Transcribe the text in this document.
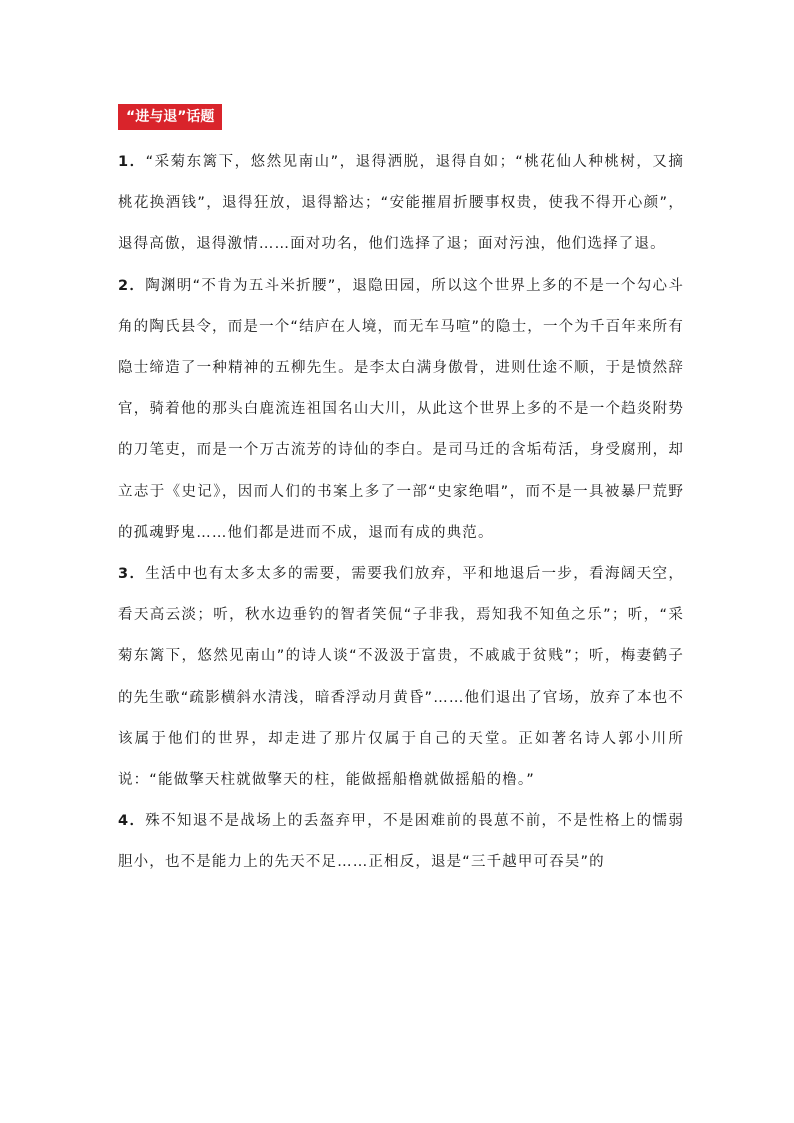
“进与退”话题

1．“采菊东篱下，悠然见南山”，退得洒脱，退得自如；“桃花仙人种桃树，又摘桃花换酒钱”，退得狂放，退得豁达；“安能摧眉折腰事权贵，使我不得开心颜”，退得高傲，退得激情……面对功名，他们选择了退；面对污浊，他们选择了退。

2．陶渊明“不肯为五斗米折腰”，退隐田园，所以这个世界上多的不是一个勾心斗角的陶氏县令，而是一个“结庐在人境，而无车马喧”的隐士，一个为千百年来所有隐士缔造了一种精神的五柳先生。是李太白满身傲骨，进则仕途不顺，于是愤然辞官，骑着他的那头白鹿流连祖国名山大川，从此这个世界上多的不是一个趋炎附势的刀笔吏，而是一个万古流芳的诗仙的李白。是司马迁的含垢苟活，身受腐刑，却立志于《史记》，因而人们的书案上多了一部“史家绝唱”，而不是一具被暴尸荒野的孤魂野鬼……他们都是进而不成，退而有成的典范。

3．生活中也有太多太多的需要，需要我们放弃，平和地退后一步，看海阔天空，看天高云淡；听，秋水边垂钓的智者笑侃“子非我，焉知我不知鱼之乐”；听，“采菊东篱下，悠然见南山”的诗人谈“不汲汲于富贵，不戚戚于贫贱”；听，梅妻鹤子的先生歌“疏影横斜水清浅，暗香浮动月黄昏”……他们退出了官场，放弃了本也不该属于他们的世界，却走进了那片仅属于自己的天堂。正如著名诗人郭小川所说：“能做擎天柱就做擎天的柱，能做摇船橹就做摇船的橹。”

4．殊不知退不是战场上的丢盔弃甲，不是困难前的畏葸不前，不是性格上的懦弱胆小，也不是能力上的先天不足……正相反，退是“三千越甲可吞吴”的
